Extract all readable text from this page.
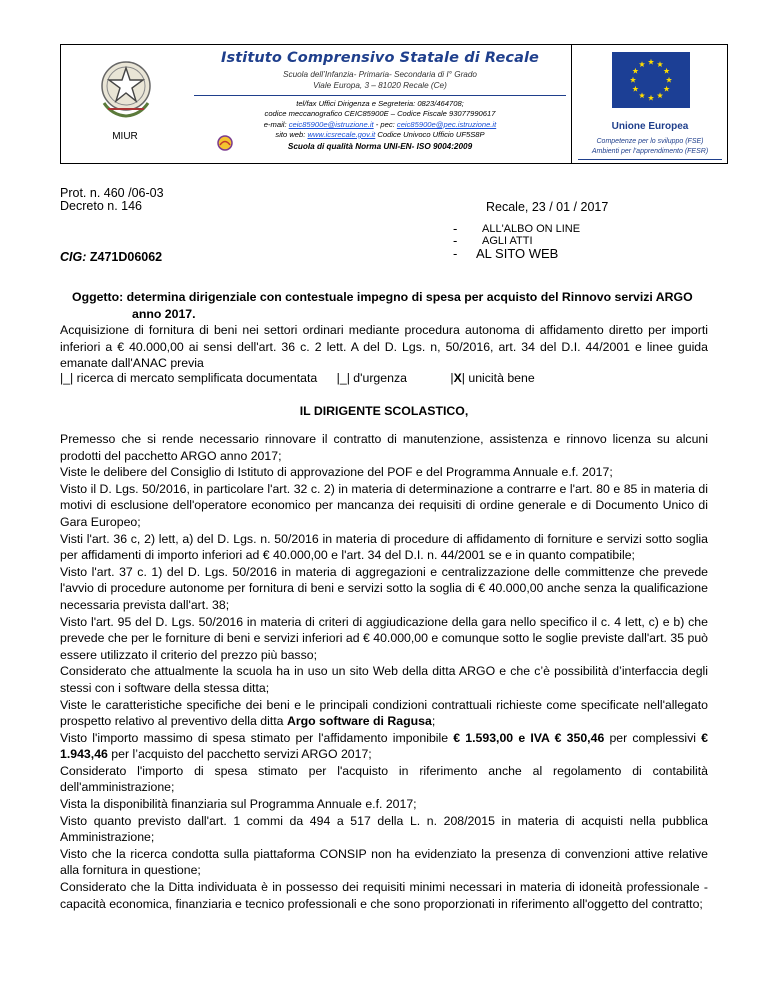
MIUR
Istituto Comprensivo Statale di Recale
Scuola dell’Infanzia- Primaria- Secondaria di I° Grado
Viale Europa, 3 – 81020 Recale (Ce)
tel/fax Uffici Dirigenza e Segreteria: 0823/464708;
codice meccanografico CEIC85900E – Codice Fiscale 93077990617
e-mail: ceic85900e@istruzione.it - pec: ceic85900e@pec.istruzione.it
sito web: www.icsrecale.gov.it Codice Univoco Ufficio UF5S8P
Scuola di qualità Norma UNI-EN- ISO 9004:2009
Unione Europea
Competenze per lo sviluppo (FSE)
Ambienti per l’apprendimento (FESR)
Prot. n. 460 /06-03
Decreto n. 146	Recale, 23 / 01 / 2017
- ALL'ALBO ON LINE
- AGLI ATTI
- AL SITO WEB
CIG: Z471D06062
Oggetto: determina dirigenziale con contestuale impegno di spesa per acquisto del Rinnovo servizi ARGO
anno 2017.

Acquisizione di fornitura di beni nei settori ordinari mediante procedura autonoma di affidamento diretto per importi inferiori a € 40.000,00 ai sensi dell'art. 36 c. 2 lett. A del D. Lgs. n, 50/2016, art. 34 del D.I. 44/2001 e linee guida emanate dall'ANAC previa

|_| ricerca di mercato semplificata documentata |_| d'urgenza	|X| unicità bene
IL DIRIGENTE SCOLASTICO,

Premesso che si rende necessario rinnovare il contratto di manutenzione, assistenza e rinnovo licenza su alcuni prodotti del pacchetto ARGO anno 2017;

Viste le delibere del Consiglio di Istituto di approvazione del POF e del Programma Annuale e.f. 2017;

Visto il D. Lgs. 50/2016, in particolare l'art. 32 c. 2) in materia di determinazione a contrarre e l'art. 80 e 85 in materia di motivi di esclusione dell'operatore economico per mancanza dei requisiti di ordine generale e di Documento Unico di Gara Europeo;

Visti l'art. 36 c, 2) lett, a) del D. Lgs. n. 50/2016 in materia di procedure di affidamento di forniture e servizi sotto soglia per affidamenti di importo inferiori ad € 40.000,00 e l'art. 34 del D.I. n. 44/2001 se e in quanto compatibile;

Visto l'art. 37 c. 1) del D. Lgs. 50/2016 in materia di aggregazioni e centralizzazione delle committenze che prevede l'avvio di procedure autonome per fornitura di beni e servizi sotto la soglia di € 40.000,00 anche senza la qualificazione necessaria prevista dall'art. 38;

Visto l'art. 95 del D. Lgs. 50/2016 in materia di criteri di aggiudicazione della gara nello specifico il c. 4 lett, c) e b) che prevede che per le forniture di beni e servizi inferiori ad € 40.000,00 e comunque sotto le soglie previste dall'art. 35 può essere utilizzato il criterio del prezzo più basso;

Considerato che attualmente la scuola ha in uso un sito Web della ditta ARGO e che c’è possibilità d’interfaccia degli stessi con i software della stessa ditta;

Viste le caratteristiche specifiche dei beni e le principali condizioni contrattuali richieste come specificate nell'allegato prospetto relativo al preventivo della ditta Argo software di Ragusa;

Visto l'importo massimo di spesa stimato per l'affidamento imponibile € 1.593,00 e IVA € 350,46 per complessivi € 1.943,46 per l’acquisto del pacchetto servizi ARGO 2017;

Considerato l'importo di spesa stimato per l'acquisto in riferimento anche al regolamento di contabilità dell'amministrazione;

Vista la disponibilità finanziaria sul Programma Annuale e.f. 2017;

Visto quanto previsto dall'art. 1 commi da 494 a 517 della L. n. 208/2015 in materia di acquisti nella pubblica Amministrazione;

Visto che la ricerca condotta sulla piattaforma CONSIP non ha evidenziato la presenza di convenzioni attive relative alla fornitura in questione;

Considerato che la Ditta individuata è in possesso dei requisiti minimi necessari in materia di idoneità professionale - capacità economica, finanziaria e tecnico professionali e che sono proporzionati in riferimento all'oggetto del contratto;
